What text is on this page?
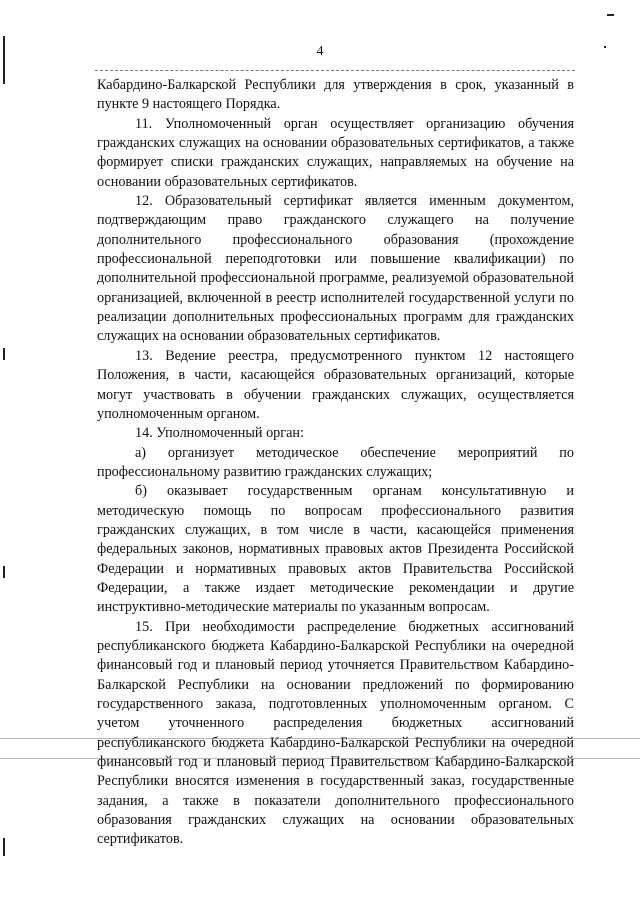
4

Кабардино-Балкарской Республики для утверждения в срок, указанный в пункте 9 настоящего Порядка.

11. Уполномоченный орган осуществляет организацию обучения гражданских служащих на основании образовательных сертификатов, а также формирует списки гражданских служащих, направляемых на обучение на основании образовательных сертификатов.

12. Образовательный сертификат является именным документом, подтверждающим право гражданского служащего на получение дополнительного профессионального образования (прохождение профессиональной переподготовки или повышение квалификации) по дополнительной профессиональной программе, реализуемой образовательной организацией, включенной в реестр исполнителей государственной услуги по реализации дополнительных профессиональных программ для гражданских служащих на основании образовательных сертификатов.

13. Ведение реестра, предусмотренного пунктом 12 настоящего Положения, в части, касающейся образовательных организаций, которые могут участвовать в обучении гражданских служащих, осуществляется уполномоченным органом.

14. Уполномоченный орган:

а) организует методическое обеспечение мероприятий по профессиональному развитию гражданских служащих;

б) оказывает государственным органам консультативную и методическую помощь по вопросам профессионального развития гражданских служащих, в том числе в части, касающейся применения федеральных законов, нормативных правовых актов Президента Российской Федерации и нормативных правовых актов Правительства Российской Федерации, а также издает методические рекомендации и другие инструктивно-методические материалы по указанным вопросам.

15. При необходимости распределение бюджетных ассигнований республиканского бюджета Кабардино-Балкарской Республики на очередной финансовый год и плановый период уточняется Правительством Кабардино-Балкарской Республики на основании предложений по формированию государственного заказа, подготовленных уполномоченным органом. С учетом уточненного распределения бюджетных ассигнований республиканского бюджета Кабардино-Балкарской Республики на очередной финансовый год и плановый период Правительством Кабардино-Балкарской Республики вносятся изменения в государственный заказ, государственные задания, а также в показатели дополнительного профессионального образования гражданских служащих на основании образовательных сертификатов.
